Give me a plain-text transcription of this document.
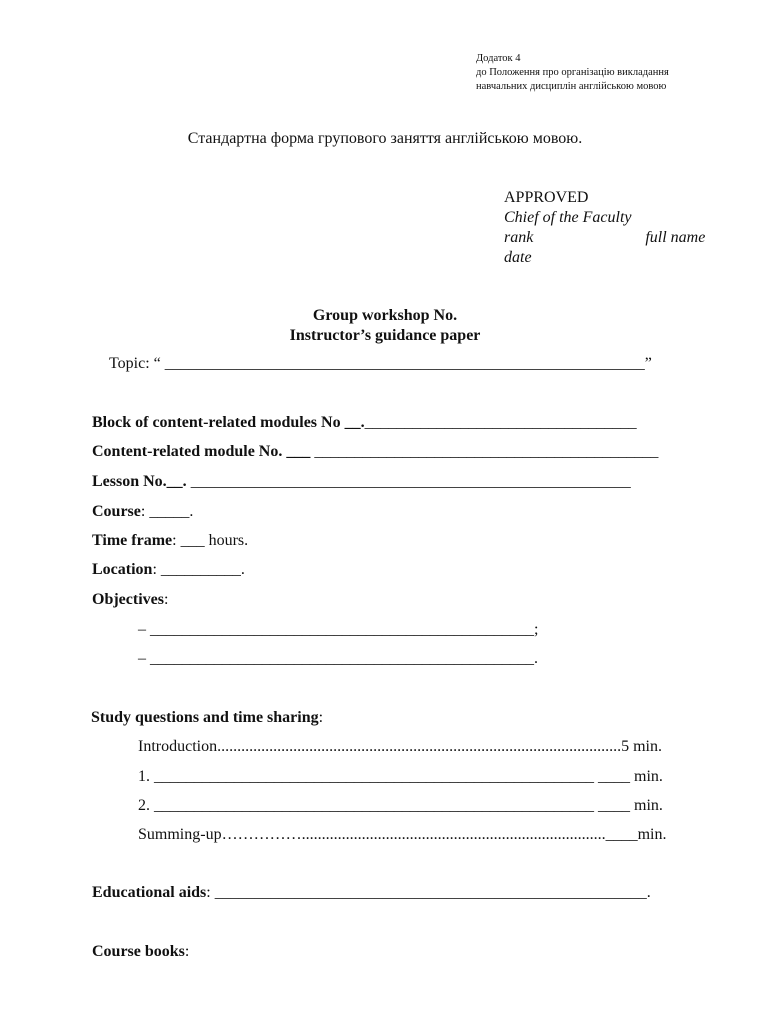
Додаток 4
до Положення про організацію викладання
навчальних дисциплін англійською мовою
Стандартна форма групового заняття англійською мовою.
APPROVED
Chief of the Faculty
rank	full name
date
Group workshop No.
Instructor’s guidance paper
Topic: “ ____________________________________________________________”
Block of content-related modules No __.__________________________________
Content-related module No. ___ ___________________________________________
Lesson No.__. _______________________________________________________
Course: _____.
Time frame: ___ hours.
Location: __________.
Objectives:
– ________________________________________________;
– ________________________________________________.
Study questions and time sharing:
Introduction.....................................................................................................5 min.
1. _______________________________________________________ ____ min.
2. _______________________________________________________ ____ min.
Summing-up……………............................................................................____min.
Educational aids: ______________________________________________________.
Course books:
